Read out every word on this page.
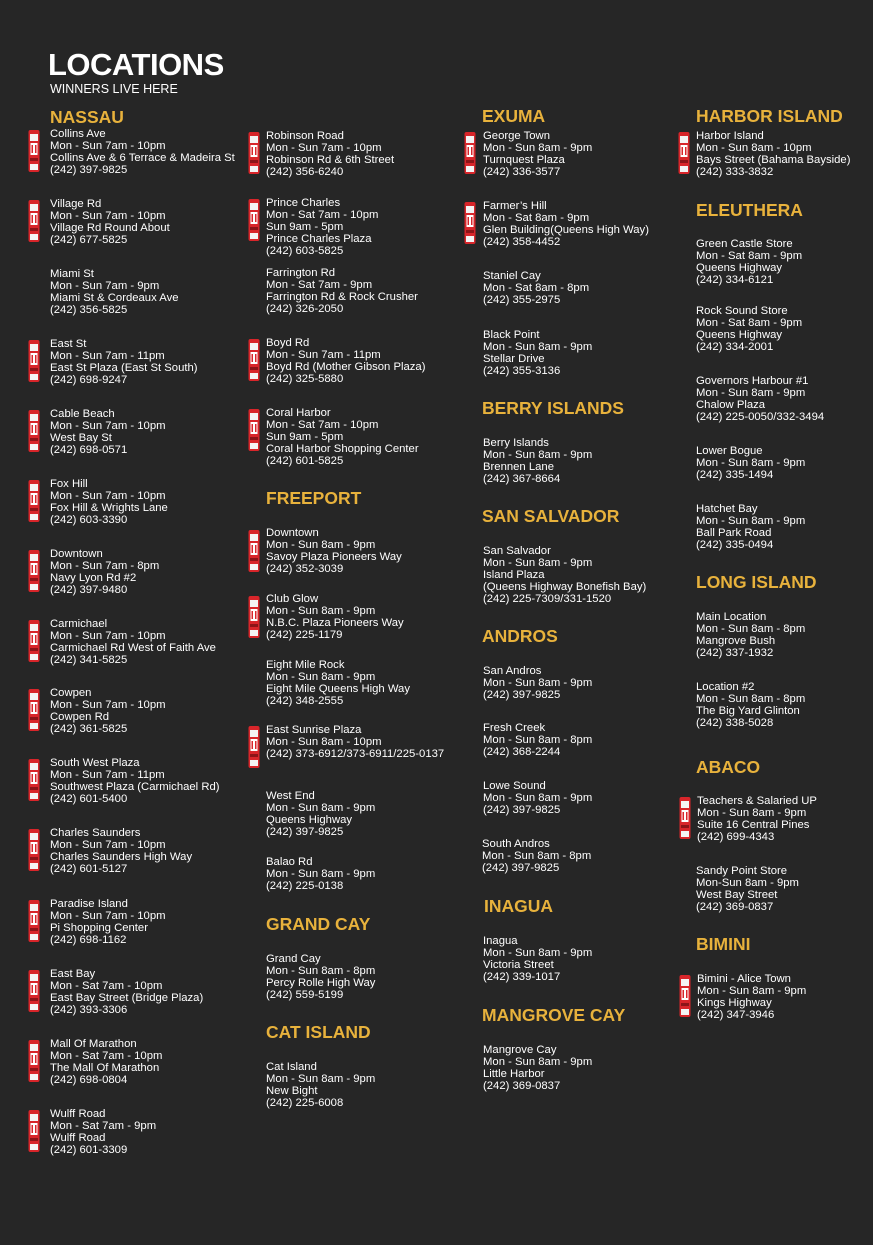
LOCATIONS
WINNERS LIVE HERE
NASSAU
FREEPORT
GRAND CAY
CAT ISLAND
EXUMA
BERRY ISLANDS
SAN SALVADOR
ANDROS
INAGUA
MANGROVE CAY
HARBOR ISLAND
ELEUTHERA
LONG ISLAND
ABACO
BIMINI
Collins Ave
Mon - Sun 7am - 10pm
Collins Ave & 6 Terrace & Madeira St
(242) 397-9825
Village Rd
Mon - Sun 7am - 10pm
Village Rd Round About
(242) 677-5825
Miami St
Mon - Sun 7am - 9pm
Miami St & Cordeaux Ave
(242) 356-5825
East St
Mon - Sun 7am - 11pm
East St Plaza (East St South)
(242) 698-9247
Cable Beach
Mon - Sun 7am - 10pm
West Bay St
(242) 698-0571
Fox Hill
Mon - Sun 7am - 10pm
Fox Hill & Wrights Lane
(242) 603-3390
Downtown
Mon - Sun 7am - 8pm
Navy Lyon Rd #2
(242) 397-9480
Carmichael
Mon - Sun 7am - 10pm
Carmichael Rd West of Faith Ave
(242) 341-5825
Cowpen
Mon - Sun 7am - 10pm
Cowpen Rd
(242) 361-5825
South West Plaza
Mon - Sun 7am - 11pm
Southwest Plaza (Carmichael Rd)
(242) 601-5400
Charles Saunders
Mon - Sun 7am - 10pm
Charles Saunders High Way
(242) 601-5127
Paradise Island
Mon - Sun 7am - 10pm
Pi Shopping Center
(242) 698-1162
East Bay
Mon - Sat 7am - 10pm
East Bay Street (Bridge Plaza)
(242) 393-3306
Mall Of Marathon
Mon - Sat 7am - 10pm
The Mall Of Marathon
(242) 698-0804
Wulff Road
Mon - Sat 7am - 9pm
Wulff Road
(242) 601-3309
Robinson Road
Mon - Sun 7am - 10pm
Robinson Rd & 6th Street
(242) 356-6240
Prince Charles
Mon - Sat 7am - 10pm
Sun 9am - 5pm
Prince Charles Plaza
(242) 603-5825
Farrington Rd
Mon - Sat 7am - 9pm
Farrington Rd & Rock Crusher
(242) 326-2050
Boyd Rd
Mon - Sun 7am - 11pm
Boyd Rd (Mother Gibson Plaza)
(242) 325-5880
Coral Harbor
Mon - Sat 7am - 10pm
Sun 9am - 5pm
Coral Harbor Shopping Center
(242) 601-5825
Downtown
Mon - Sun 8am - 9pm
Savoy Plaza Pioneers Way
(242) 352-3039
Club Glow
Mon - Sun 8am - 9pm
N.B.C. Plaza Pioneers Way
(242) 225-1179
Eight Mile Rock
Mon - Sun 8am - 9pm
Eight Mile Queens High Way
(242) 348-2555
East Sunrise Plaza
Mon - Sun 8am - 10pm
(242) 373-6912/373-6911/225-0137
West End
Mon - Sun 8am - 9pm
Queens Highway
(242) 397-9825
Balao Rd
Mon - Sun 8am - 9pm
(242) 225-0138
Grand Cay
Mon - Sun 8am - 8pm
Percy Rolle High Way
(242) 559-5199
Cat Island
Mon - Sun 8am - 9pm
New Bight
(242) 225-6008
George Town
Mon - Sun 8am - 9pm
Turnquest Plaza
(242) 336-3577
Farmer’s Hill
Mon - Sat 8am - 9pm
Glen Building(Queens High Way)
(242) 358-4452
Staniel Cay
Mon - Sat 8am - 8pm
(242) 355-2975
Black Point
Mon - Sun 8am - 9pm
Stellar Drive
(242) 355-3136
Berry Islands
Mon - Sun 8am - 9pm
Brennen Lane
(242) 367-8664
San Salvador
Mon - Sun 8am - 9pm
Island Plaza
(Queens Highway Bonefish Bay)
(242) 225-7309/331-1520
San Andros
Mon - Sun 8am - 9pm
(242) 397-9825
Fresh Creek
Mon - Sun 8am - 8pm
(242) 368-2244
Lowe Sound
Mon - Sun 8am - 9pm
(242) 397-9825
South Andros
Mon - Sun 8am - 8pm
(242) 397-9825
Inagua
Mon - Sun 8am - 9pm
Victoria Street
(242) 339-1017
Mangrove Cay
Mon - Sun 8am - 9pm
Little Harbor
(242) 369-0837
Harbor Island
Mon - Sun 8am - 10pm
Bays Street (Bahama Bayside)
(242) 333-3832
Green Castle Store
Mon - Sat 8am - 9pm
Queens Highway
(242) 334-6121
Rock Sound Store
Mon - Sat 8am - 9pm
Queens Highway
(242) 334-2001
Governors Harbour #1
Mon - Sun 8am - 9pm
Chalow Plaza
(242) 225-0050/332-3494
Lower Bogue
Mon - Sun 8am - 9pm
(242) 335-1494
Hatchet Bay
Mon - Sun 8am - 9pm
Ball Park Road
(242) 335-0494
Main Location
Mon - Sun 8am - 8pm
Mangrove Bush
(242) 337-1932
Location #2
Mon - Sun 8am - 8pm
The Big Yard Glinton
(242) 338-5028
Teachers & Salaried UP
Mon - Sun 8am - 9pm
Suite 16 Central Pines
(242) 699-4343
Sandy Point Store
Mon-Sun 8am - 9pm
West Bay Street
(242) 369-0837
Bimini - Alice Town
Mon - Sun 8am - 9pm
Kings Highway
(242) 347-3946
